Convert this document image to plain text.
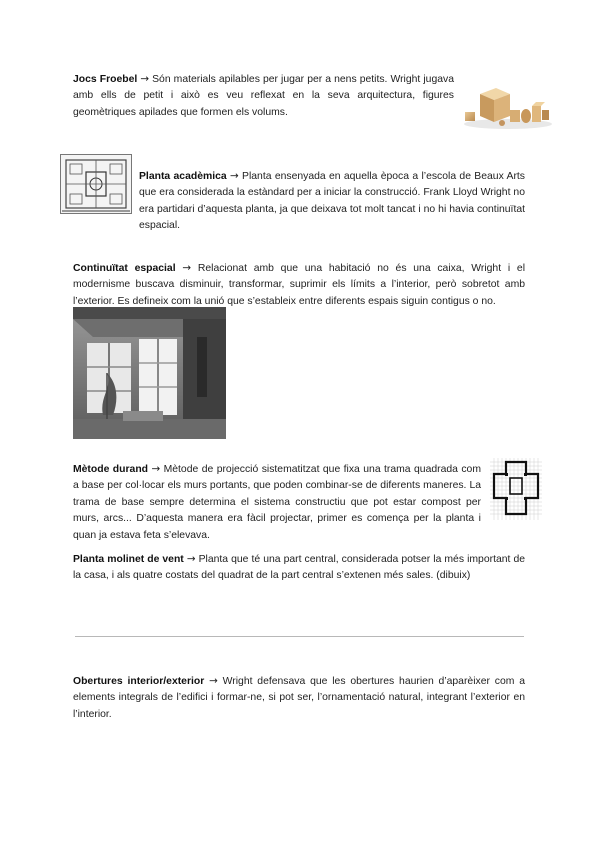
Jocs Froebel → Són materials apilables per jugar per a nens petits. Wright jugava amb ells de petit i això es veu reflexat en la seva arquitectura, figures geomètriques apilades que formen els volums.

Planta acadèmica → Planta ensenyada en aquella època a l’escola de Beaux Arts que era considerada la estàndard per a iniciar la construcció. Frank Lloyd Wright no era partidari d’aquesta planta, ja que deixava tot molt tancat i no hi havia continuïtat espacial.

Continuïtat espacial → Relacionat amb que una habitació no és una caixa, Wright i el modernisme buscava disminuir, transformar, suprimir els límits a l’interior, però sobretot amb l’exterior. Es defineix com la unió que s’estableix entre diferents espais siguin contigus o no.

Mètode durand → Mètode de projecció sistematitzat que fixa una trama quadrada com a base per col·locar els murs portants, que poden combinar-se de diferents maneres. La trama de base sempre determina el sistema constructiu que pot estar compost per murs, arcs... D’aquesta manera era fàcil projectar, primer es comença per la planta i quan ja estava feta s’elevava.

Planta molinet de vent → Planta que té una part central, considerada potser la més important de la casa, i als quatre costats del quadrat de la part central s’extenen més sales. (dibuix)

Obertures interior/exterior → Wright defensava que les obertures haurien d’aparèixer com a elements integrals de l’edifici i formar-ne, si pot ser, l’ornamentació natural, integrant l’exterior en l’interior.
